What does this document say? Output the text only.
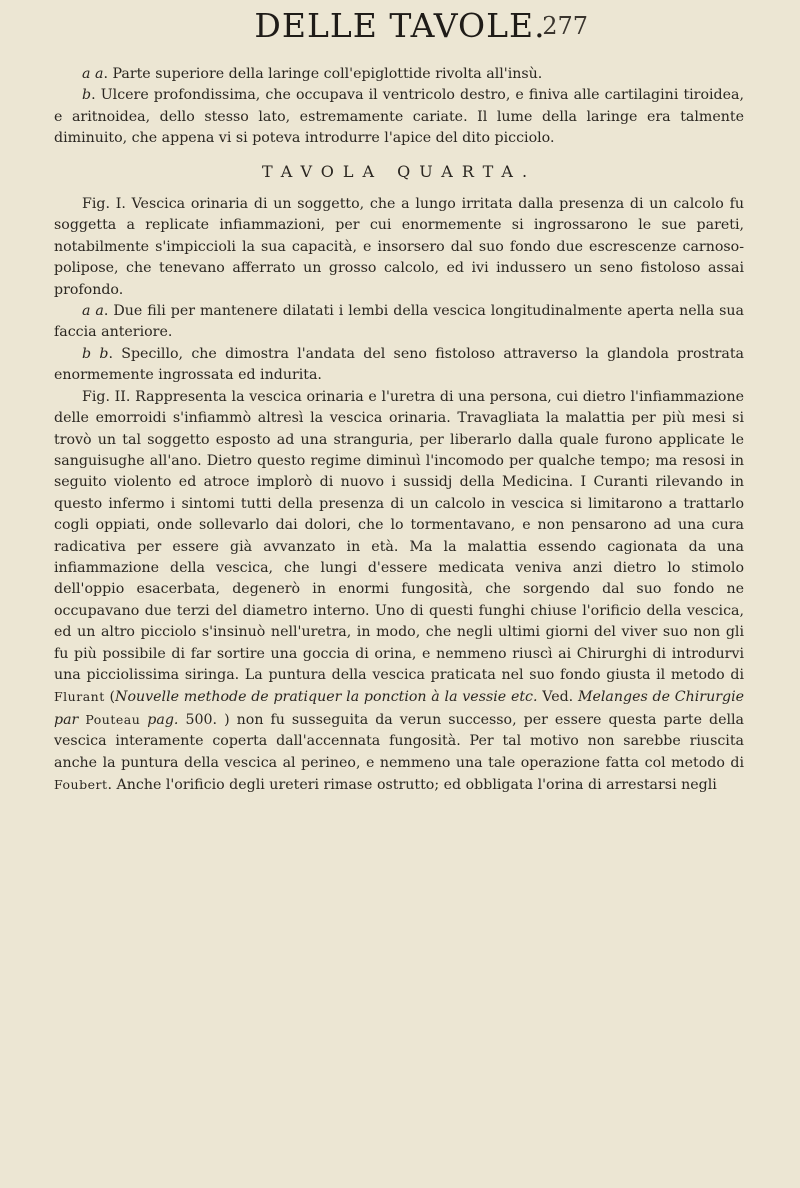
DELLE TAVOLE.
277

a a. Parte superiore della laringe coll'epiglottide rivolta all'insù.

b. Ulcere profondissima, che occupava il ventricolo destro, e finiva alle cartilagini tiroidea, e aritnoidea, dello stesso lato, estremamente cariate. Il lume della laringe era talmente diminuito, che appena vi si poteva introdurre l'apice del dito picciolo.

TAVOLA QUARTA.

Fig. I. Vescica orinaria di un soggetto, che a lungo irritata dalla presenza di un calcolo fu soggetta a replicate infiammazioni, per cui enormemente si ingrossarono le sue pareti, notabilmente s'impiccioli la sua capacità, e insorsero dal suo fondo due escrescenze carnoso-polipose, che tenevano afferrato un grosso calcolo, ed ivi indussero un seno fistoloso assai profondo.

a a. Due fili per mantenere dilatati i lembi della vescica longitudinalmente aperta nella sua faccia anteriore.

b b. Specillo, che dimostra l'andata del seno fistoloso attraverso la glandola prostrata enormemente ingrossata ed indurita.

Fig. II. Rappresenta la vescica orinaria e l'uretra di una persona, cui dietro l'infiammazione delle emorroidi s'infiammò altresì la vescica orinaria. Travagliata la malattia per più mesi si trovò un tal soggetto esposto ad una stranguria, per liberarlo dalla quale furono applicate le sanguisughe all'ano. Dietro questo regime diminuì l'incomodo per qualche tempo; ma resosi in seguito violento ed atroce implorò di nuovo i sussidj della Medicina. I Curanti rilevando in questo infermo i sintomi tutti della presenza di un calcolo in vescica si limitarono a trattarlo cogli oppiati, onde sollevarlo dai dolori, che lo tormentavano, e non pensarono ad una cura radicativa per essere già avvanzato in età. Ma la malattia essendo cagionata da una infiammazione della vescica, che lungi d'essere medicata veniva anzi dietro lo stimolo dell'oppio esacerbata, degenerò in enormi fungosità, che sorgendo dal suo fondo ne occupavano due terzi del diametro interno. Uno di questi funghi chiuse l'orificio della vescica, ed un altro picciolo s'insinuò nell'uretra, in modo, che negli ultimi giorni del viver suo non gli fu più possibile di far sortire una goccia di orina, e nemmeno riuscì ai Chirurghi di introdurvi una picciolissima siringa. La puntura della vescica praticata nel suo fondo giusta il metodo di Flurant (Nouvelle methode de pratiquer la ponction à la vessie etc. Ved. Melanges de Chirurgie par Pouteau pag. 500. ) non fu susseguita da verun successo, per essere questa parte della vescica interamente coperta dall'accennata fungosità. Per tal motivo non sarebbe riuscita anche la puntura della vescica al perineo, e nemmeno una tale operazione fatta col metodo di Foubert. Anche l'orificio degli ureteri rimase ostrutto; ed obbligata l'orina di arrestarsi negli
